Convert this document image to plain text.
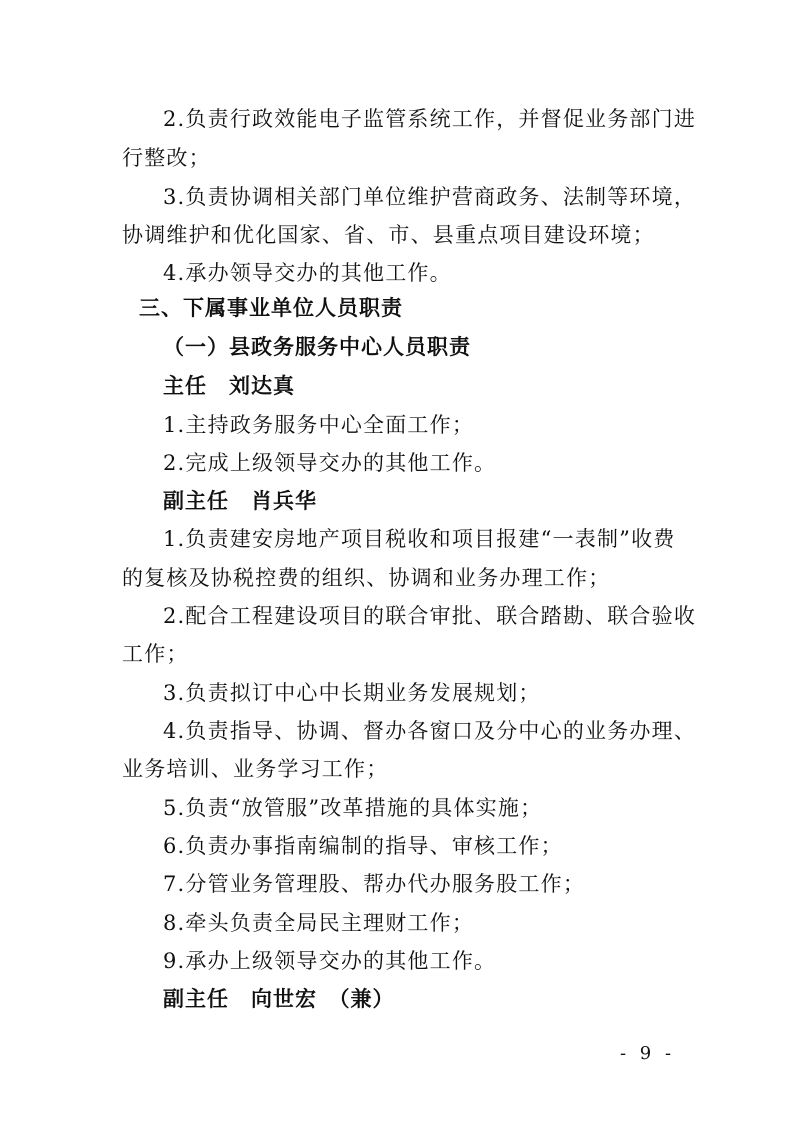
2.负责行政效能电子监管系统工作，并督促业务部门进
行整改；
3.负责协调相关部门单位维护营商政务、法制等环境，
协调维护和优化国家、省、市、县重点项目建设环境；
4.承办领导交办的其他工作。
三、下属事业单位人员职责
（一）县政务服务中心人员职责
主任　刘达真
1.主持政务服务中心全面工作；
2.完成上级领导交办的其他工作。
副主任　肖兵华
1.负责建安房地产项目税收和项目报建“一表制”收费
的复核及协税控费的组织、协调和业务办理工作；
2.配合工程建设项目的联合审批、联合踏勘、联合验收
工作；
3.负责拟订中心中长期业务发展规划；
4.负责指导、协调、督办各窗口及分中心的业务办理、
业务培训、业务学习工作；
5.负责“放管服”改革措施的具体实施；
6.负责办事指南编制的指导、审核工作；
7.分管业务管理股、帮办代办服务股工作；
8.牵头负责全局民主理财工作；
9.承办上级领导交办的其他工作。
副主任　向世宏　（兼）
- 9 -
